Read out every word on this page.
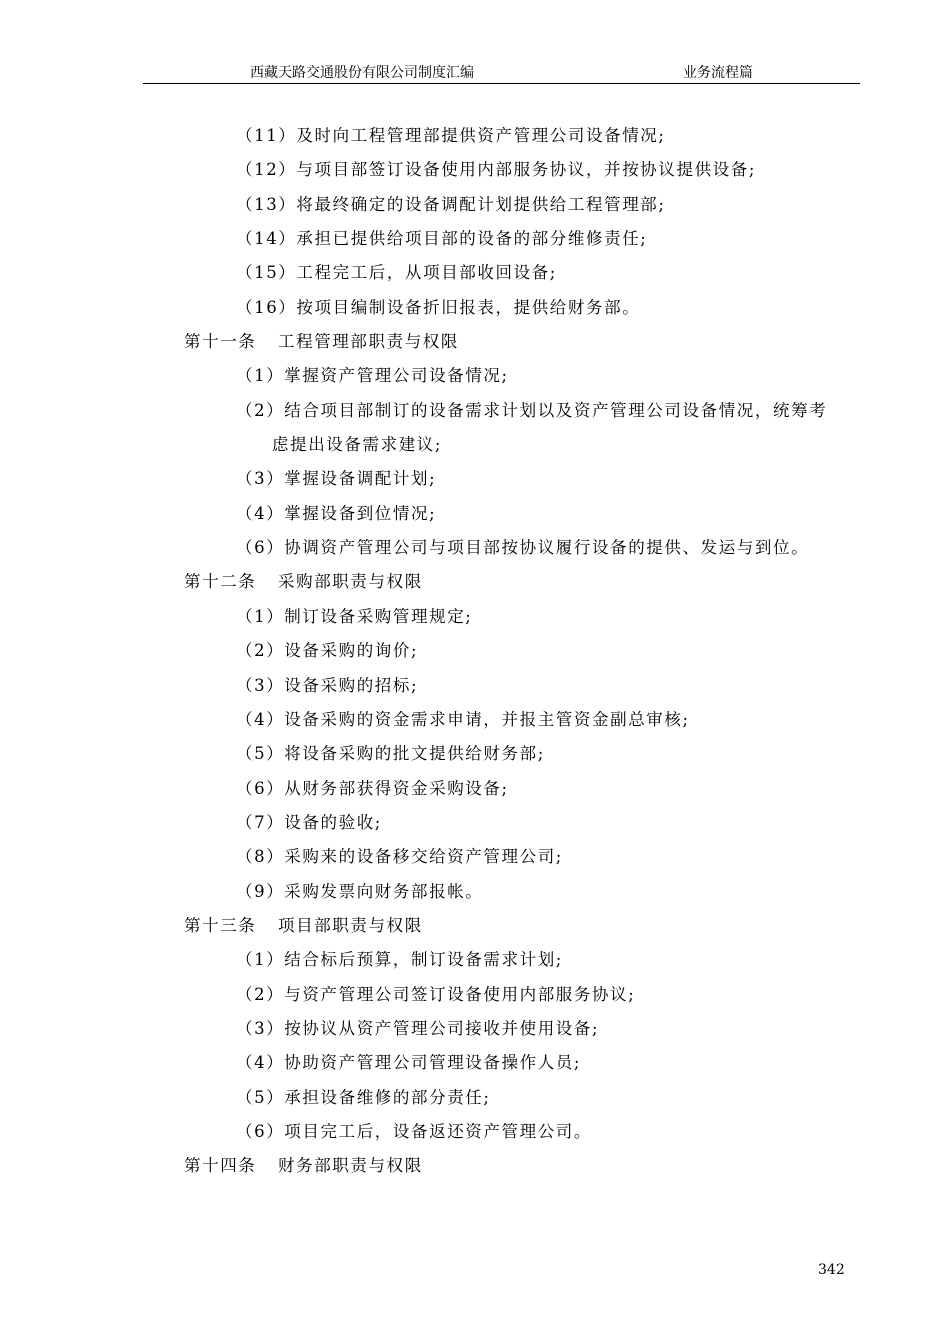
西藏天路交通股份有限公司制度汇编	业务流程篇
（11）及时向工程管理部提供资产管理公司设备情况;
（12）与项目部签订设备使用内部服务协议，并按协议提供设备;
（13）将最终确定的设备调配计划提供给工程管理部;
（14）承担已提供给项目部的设备的部分维修责任;
（15）工程完工后，从项目部收回设备;
（16）按项目编制设备折旧报表，提供给财务部。
第十一条 工程管理部职责与权限
（1）掌握资产管理公司设备情况;
（2）结合项目部制订的设备需求计划以及资产管理公司设备情况，统筹考
虑提出设备需求建议;
（3）掌握设备调配计划;
（4）掌握设备到位情况;
（6）协调资产管理公司与项目部按协议履行设备的提供、发运与到位。
第十二条 采购部职责与权限
（1）制订设备采购管理规定;
（2）设备采购的询价;
（3）设备采购的招标;
（4）设备采购的资金需求申请，并报主管资金副总审核;
（5）将设备采购的批文提供给财务部;
（6）从财务部获得资金采购设备;
（7）设备的验收;
（8）采购来的设备移交给资产管理公司;
（9）采购发票向财务部报帐。
第十三条 项目部职责与权限
（1）结合标后预算，制订设备需求计划;
（2）与资产管理公司签订设备使用内部服务协议;
（3）按协议从资产管理公司接收并使用设备;
（4）协助资产管理公司管理设备操作人员;
（5）承担设备维修的部分责任;
（6）项目完工后，设备返还资产管理公司。
第十四条 财务部职责与权限
342
